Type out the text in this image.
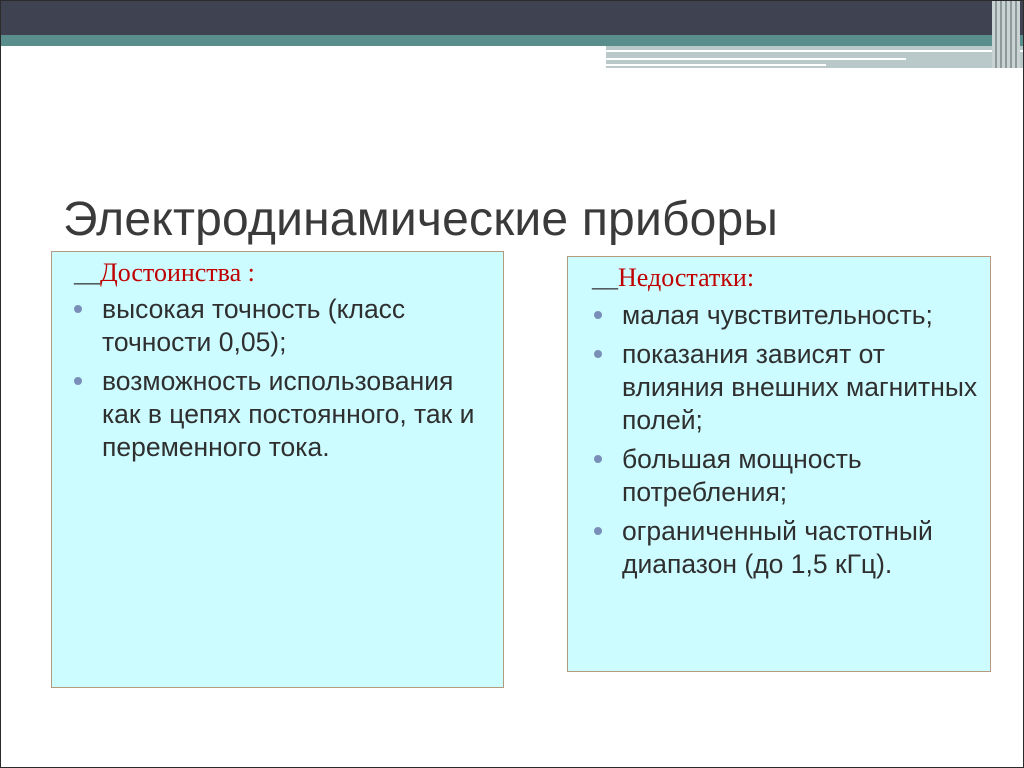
Электродинамические приборы

__Достоинства :

высокая точность (класс точности 0,05);
возможность использования как в цепях постоянного, так и переменного тока.

__Недостатки:

малая чувствительность;
показания зависят от влияния внешних магнитных полей;
большая мощность потребления;
ограниченный частотный диапазон (до 1,5 кГц).
